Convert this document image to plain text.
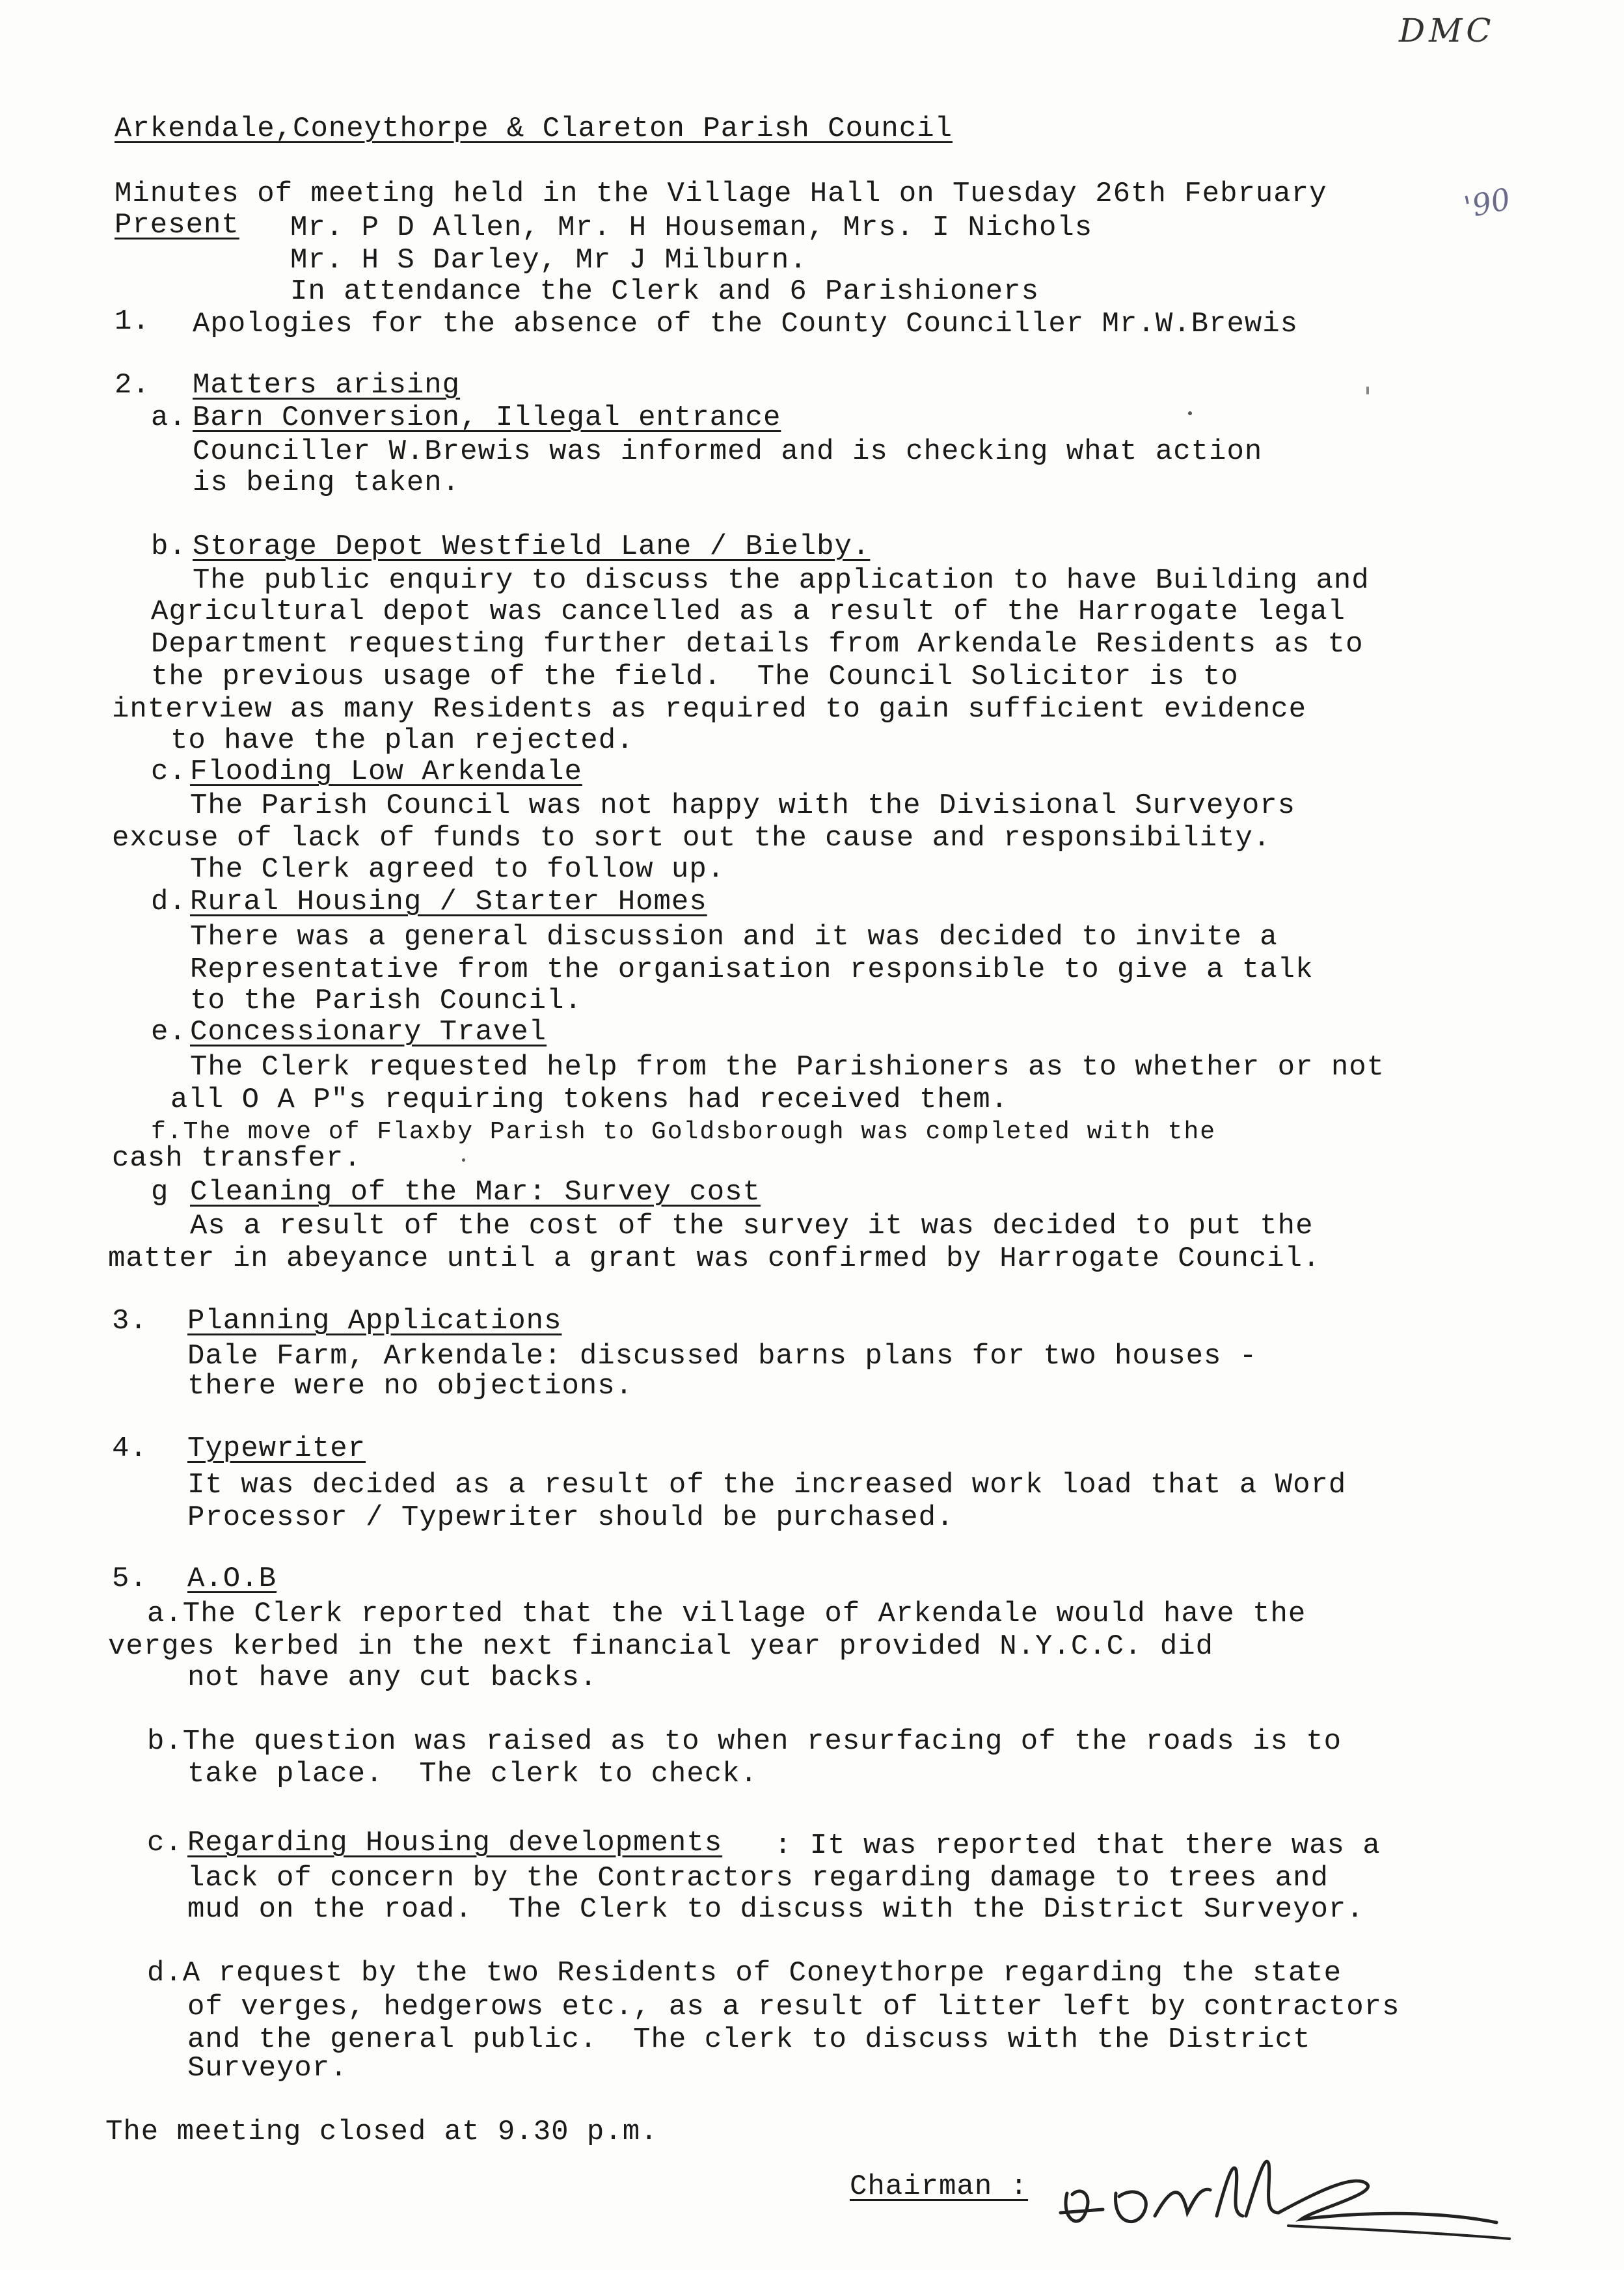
DMC
'90
Arkendale,Coneythorpe & Clareton Parish Council
Minutes of meeting held in the Village Hall on Tuesday 26th February
Present Mr. P D Allen, Mr. H Houseman, Mrs. I Nichols
Mr. H S Darley, Mr J Milburn.
In attendance the Clerk and 6 Parishioners
1. Apologies for the absence of the County Counciller Mr.W.Brewis
2. Matters arising
a. Barn Conversion, Illegal entrance
Counciller W.Brewis was informed and is checking what action
is being taken.
b. Storage Depot Westfield Lane / Bielby.
The public enquiry to discuss the application to have Building and
Agricultural depot was cancelled as a result of the Harrogate legal
Department requesting further details from Arkendale Residents as to
the previous usage of the field.  The Council Solicitor is to
interview as many Residents as required to gain sufficient evidence
to have the plan rejected.
c. Flooding Low Arkendale
The Parish Council was not happy with the Divisional Surveyors
excuse of lack of funds to sort out the cause and responsibility.
The Clerk agreed to follow up.
d. Rural Housing / Starter Homes
There was a general discussion and it was decided to invite a
Representative from the organisation responsible to give a talk
to the Parish Council.
e. Concessionary Travel
The Clerk requested help from the Parishioners as to whether or not
all O A P"s requiring tokens had received them.
f.The move of Flaxby Parish to Goldsborough was completed with the
cash transfer.
g Cleaning of the Mar: Survey cost
As a result of the cost of the survey it was decided to put the
matter in abeyance until a grant was confirmed by Harrogate Council.
3. Planning Applications
Dale Farm, Arkendale: discussed barns plans for two houses -
there were no objections.
4. Typewriter
It was decided as a result of the increased work load that a Word
Processor / Typewriter should be purchased.
5. A.O.B
a.The Clerk reported that the village of Arkendale would have the
verges kerbed in the next financial year provided N.Y.C.C. did
not have any cut backs.
b.The question was raised as to when resurfacing of the roads is to
take place.  The clerk to check.
c. Regarding Housing developments : It was reported that there was a
lack of concern by the Contractors regarding damage to trees and
mud on the road.  The Clerk to discuss with the District Surveyor.
d.A request by the two Residents of Coneythorpe regarding the state
of verges, hedgerows etc., as a result of litter left by contractors
and the general public.  The clerk to discuss with the District
Surveyor.
The meeting closed at 9.30 p.m.
Chairman :
